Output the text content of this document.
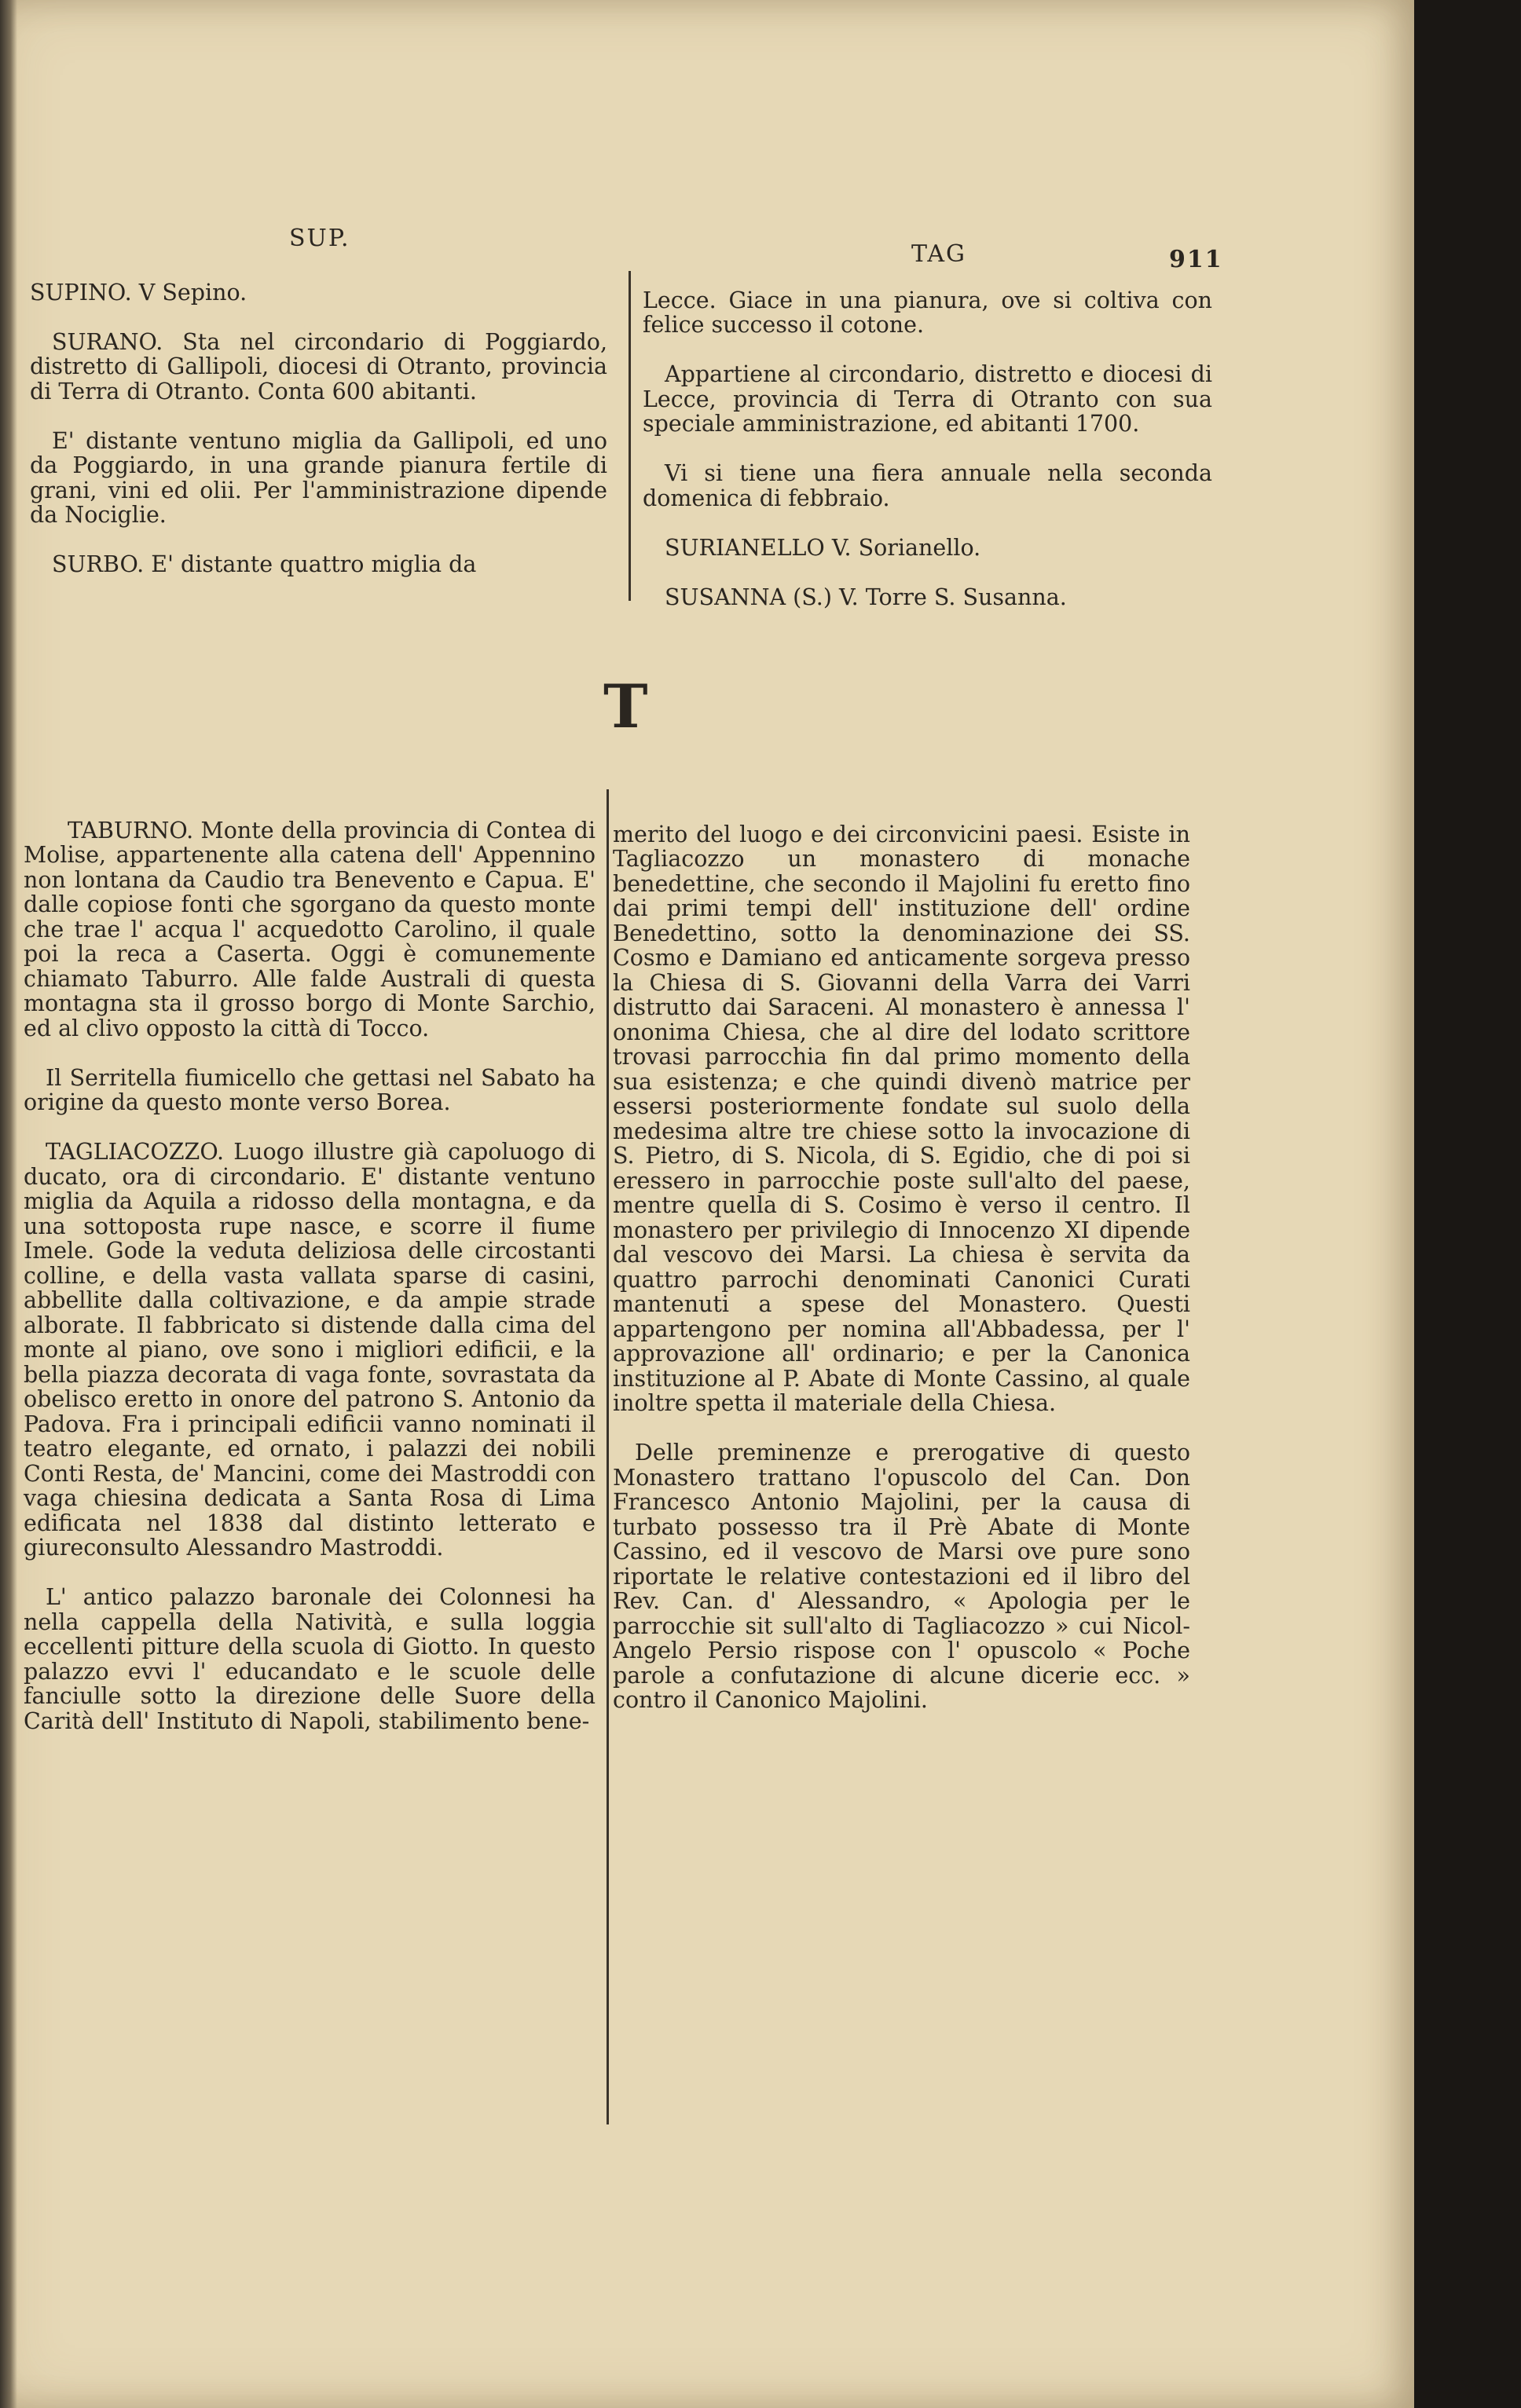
SUP.
TAG	911

SUPINO. V Sepino.

SURANO. Sta nel circondario di Poggiardo, distretto di Gallipoli, diocesi di Otranto, provincia di Terra di Otranto. Conta 600 abitanti.

E' distante ventuno miglia da Gallipoli, ed uno da Poggiardo, in una grande pianura fertile di grani, vini ed olii. Per l'amministrazione dipende da Nociglie.

SURBO. E' distante quattro miglia da

Lecce. Giace in una pianura, ove si coltiva con felice successo il cotone.

Appartiene al circondario, distretto e diocesi di Lecce, provincia di Terra di Otranto con sua speciale amministrazione, ed abitanti 1700.

Vi si tiene una fiera annuale nella seconda domenica di febbraio.

SURIANELLO V. Sorianello.

SUSANNA (S.) V. Torre S. Susanna.

T

TABURNO. Monte della provincia di Contea di Molise, appartenente alla catena dell' Appennino non lontana da Caudio tra Benevento e Capua. E' dalle copiose fonti che sgorgano da questo monte che trae l' acqua l' acquedotto Carolino, il quale poi la reca a Caserta. Oggi è comunemente chiamato Taburro. Alle falde Australi di questa montagna sta il grosso borgo di Monte Sarchio, ed al clivo opposto la città di Tocco.

Il Serritella fiumicello che gettasi nel Sabato ha origine da questo monte verso Borea.

TAGLIACOZZO. Luogo illustre già capoluogo di ducato, ora di circondario. E' distante ventuno miglia da Aquila a ridosso della montagna, e da una sottoposta rupe nasce, e scorre il fiume Imele. Gode la veduta deliziosa delle circostanti colline, e della vasta vallata sparse di casini, abbellite dalla coltivazione, e da ampie strade alborate. Il fabbricato si distende dalla cima del monte al piano, ove sono i migliori edificii, e la bella piazza decorata di vaga fonte, sovrastata da obelisco eretto in onore del patrono S. Antonio da Padova. Fra i principali edificii vanno nominati il teatro elegante, ed ornato, i palazzi dei nobili Conti Resta, de' Mancini, come dei Mastroddi con vaga chiesina dedicata a Santa Rosa di Lima edificata nel 1838 dal distinto letterato e giureconsulto Alessandro Mastroddi.

L' antico palazzo baronale dei Colonnesi ha nella cappella della Natività, e sulla loggia eccellenti pitture della scuola di Giotto. In questo palazzo evvi l' educandato e le scuole delle fanciulle sotto la direzione delle Suore della Carità dell' Instituto di Napoli, stabilimento bene-

merito del luogo e dei circonvicini paesi. Esiste in Tagliacozzo un monastero di monache benedettine, che secondo il Majolini fu eretto fino dai primi tempi dell' instituzione dell' ordine Benedettino, sotto la denominazione dei SS. Cosmo e Damiano ed anticamente sorgeva presso la Chiesa di S. Giovanni della Varra dei Varri distrutto dai Saraceni. Al monastero è annessa l' ononima Chiesa, che al dire del lodato scrittore trovasi parrocchia fin dal primo momento della sua esistenza; e che quindi divenò matrice per essersi posteriormente fondate sul suolo della medesima altre tre chiese sotto la invocazione di S. Pietro, di S. Nicola, di S. Egidio, che di poi si eressero in parrocchie poste sull'alto del paese, mentre quella di S. Cosimo è verso il centro. Il monastero per privilegio di Innocenzo XI dipende dal vescovo dei Marsi. La chiesa è servita da quattro parrochi denominati Canonici Curati mantenuti a spese del Monastero. Questi appartengono per nomina all'Abbadessa, per l' approvazione all' ordinario; e per la Canonica instituzione al P. Abate di Monte Cassino, al quale inoltre spetta il materiale della Chiesa.

Delle preminenze e prerogative di questo Monastero trattano l'opuscolo del Can. Don Francesco Antonio Majolini, per la causa di turbato possesso tra il Prè Abate di Monte Cassino, ed il vescovo de Marsi ove pure sono riportate le relative contestazioni ed il libro del Rev. Can. d' Alessandro, « Apologia per le parrocchie sit sull'alto di Tagliacozzo » cui Nicol-Angelo Persio rispose con l' opuscolo « Poche parole a confutazione di alcune dicerie ecc. » contro il Canonico Majolini.
